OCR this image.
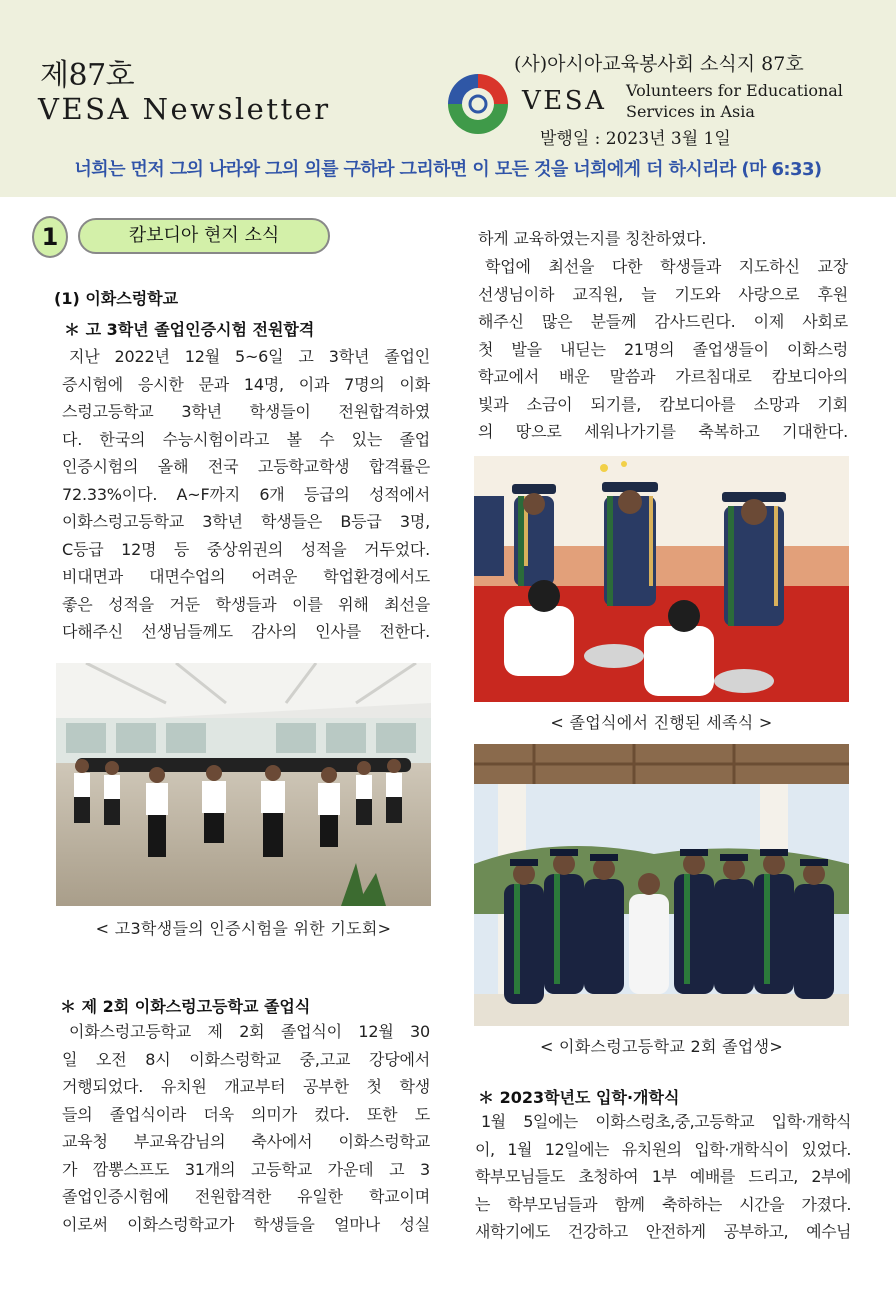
제87호
VESA Newsletter
(사)아시아교육봉사회 소식지 87호
VESA Volunteers for Educational
Services in Asia
발행일 : 2023년 3월 1일
너희는 먼저 그의 나라와 그의 의를 구하라 그리하면 이 모든 것을 너희에게 더 하시리라 (마 6:33)
1	캄보디아 현지 소식
(1) 이화스렁학교
＊ 고 3학년 졸업인증시험 전원합격
지난 2022년 12월 5~6일 고 3학년 졸업인
증시험에 응시한 문과 14명, 이과 7명의 이화
스렁고등학교 3학년 학생들이 전원합격하였
다. 한국의 수능시험이라고 볼 수 있는 졸업
인증시험의 올해 전국 고등학교학생 합격률은
72.33%이다. A~F까지 6개 등급의 성적에서
이화스렁고등학교 3학년 학생들은 B등급 3명,
C등급 12명 등 중상위권의 성적을 거두었다.
비대면과 대면수업의 어려운 학업환경에서도
좋은 성적을 거둔 학생들과 이를 위해 최선을
다해주신 선생님들께도 감사의 인사를 전한다.
< 고3학생들의 인증시험을 위한 기도회>
＊ 제 2회 이화스렁고등학교 졸업식
이화스렁고등학교 제 2회 졸업식이 12월 30
일 오전 8시 이화스렁학교 중,고교 강당에서
거행되었다. 유치원 개교부터 공부한 첫 학생
들의 졸업식이라 더욱 의미가 컸다. 또한 도
교육청 부교육감님의 축사에서 이화스렁학교
가 깜뽕스프도 31개의 고등학교 가운데 고 3
졸업인증시험에 전원합격한 유일한 학교이며
이로써 이화스렁학교가 학생들을 얼마나 성실
하게 교육하였는지를 칭찬하였다.
학업에 최선을 다한 학생들과 지도하신 교장
선생님이하 교직원, 늘 기도와 사랑으로 후원
해주신 많은 분들께 감사드린다. 이제 사회로
첫 발을 내딛는 21명의 졸업생들이 이화스렁
학교에서 배운 말씀과 가르침대로 캄보디아의
빛과 소금이 되기를, 캄보디아를 소망과 기회
의 땅으로 세워나가기를 축복하고 기대한다.
< 졸업식에서 진행된 세족식 >
< 이화스렁고등학교 2회 졸업생>
＊ 2023학년도 입학·개학식
1월 5일에는 이화스렁초,중,고등학교 입학·개학식
이, 1월 12일에는 유치원의 입학·개학식이 있었다.
학부모님들도 초청하여 1부 예배를 드리고, 2부에
는 학부모님들과 함께 축하하는 시간을 가졌다.
새학기에도 건강하고 안전하게 공부하고, 예수님
